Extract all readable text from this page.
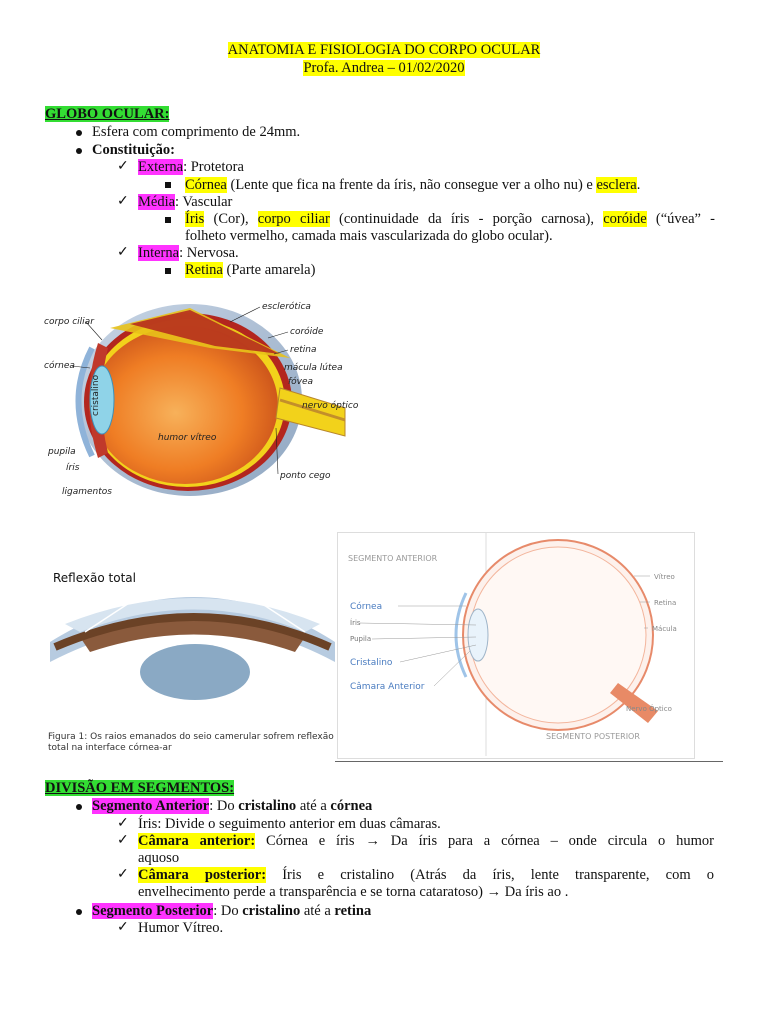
ANATOMIA E FISIOLOGIA DO CORPO OCULAR
Profa. Andrea – 01/02/2020
GLOBO OCULAR:
Esfera com comprimento de 24mm.
Constituição:
✓ Externa: Protetora
Córnea (Lente que fica na frente da íris, não consegue ver a olho nu) e esclera.
✓ Média: Vascular
Íris (Cor), corpo ciliar (continuidade da íris - porção carnosa), coróide (“úvea” -
folheto vermelho, camada mais vascularizada do globo ocular).
✓ Interna: Nervosa.
Retina (Parte amarela)
cristalino
humor vítreo
corpo ciliar
córnea
pupila
íris
ligamentos
esclerótica
coróide
retina
mácula lútea
fóvea
nervo óptico
ponto cego
Reflexão total
Figura 1: Os raios emanados do seio camerular sofrem reflexão
total na interface córnea-ar
SEGMENTO ANTERIOR
SEGMENTO POSTERIOR
Córnea
Íris
Pupila
Cristalino
Câmara Anterior
Vítreo
Retina
Mácula
Nervo Óptico
DIVISÃO EM SEGMENTOS:
Segmento Anterior: Do cristalino até a córnea
✓ Íris: Divide o seguimento anterior em duas câmaras.
✓ Câmara anterior: Córnea e íris → Da íris para a córnea – onde circula o humor
aquoso
✓ Câmara posterior: Íris e cristalino (Atrás da íris, lente transparente, com o
envelhecimento perde a transparência e se torna cataratoso) → Da íris ao .
Segmento Posterior: Do cristalino até a retina
✓ Humor Vítreo.
